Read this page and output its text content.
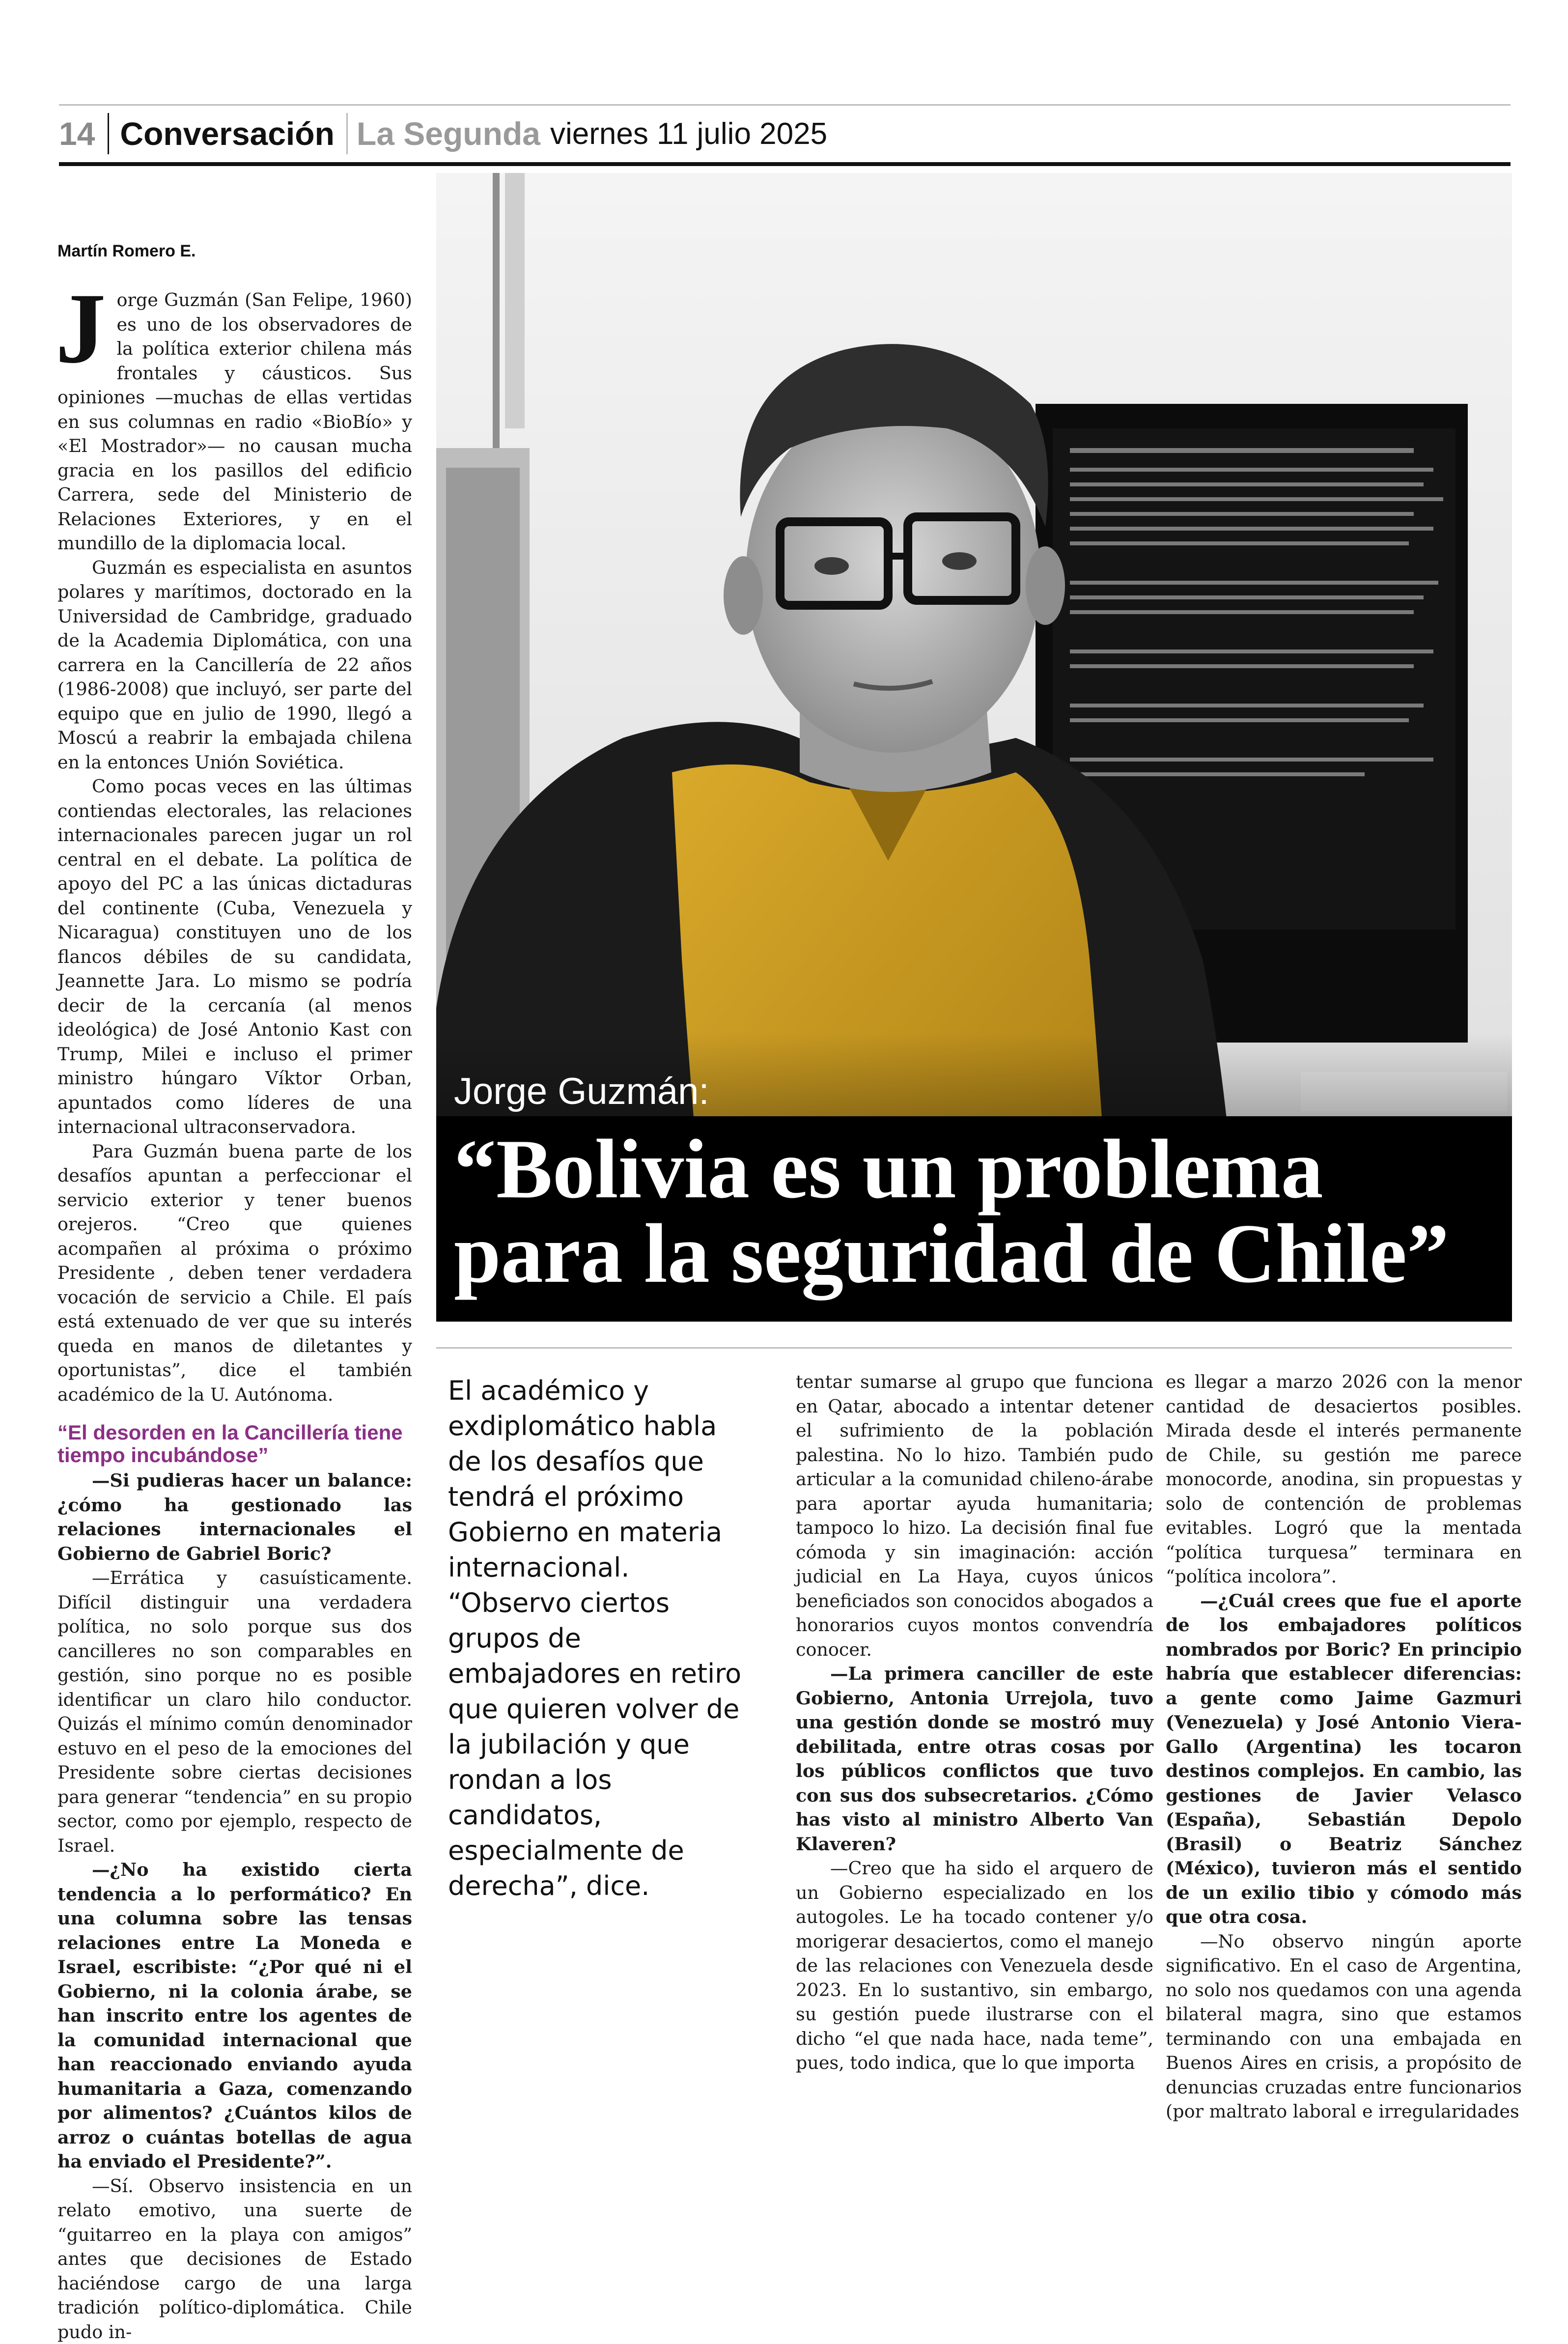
14 Conversación La Segunda viernes 11 julio 2025
Martín Romero E.
J orge Guzmán (San Felipe, 1960) es uno de los observadores de la política exterior chilena más frontales y cáusticos. Sus opiniones —muchas de ellas vertidas en sus columnas en radio «BioBío» y «El Mostrador»— no causan mucha gracia en los pasillos del edificio Carrera, sede del Ministerio de Relaciones Exteriores, y en el mundillo de la diplomacia local.

Guzmán es especialista en asuntos polares y marítimos, doctorado en la Universidad de Cambridge, graduado de la Academia Diplomática, con una carrera en la Cancillería de 22 años (1986-2008) que incluyó, ser parte del equipo que en julio de 1990, llegó a Moscú a reabrir la embajada chilena en la entonces Unión Soviética.

Como pocas veces en las últimas contiendas electorales, las relaciones internacionales parecen jugar un rol central en el debate. La política de apoyo del PC a las únicas dictaduras del continente (Cuba, Venezuela y Nicaragua) constituyen uno de los flancos débiles de su candidata, Jeannette Jara. Lo mismo se podría decir de la cercanía (al menos ideológica) de José Antonio Kast con Trump, Milei e incluso el primer ministro húngaro Víktor Orban, apuntados como líderes de una internacional ultraconservadora.

Para Guzmán buena parte de los desafíos apuntan a perfeccionar el servicio exterior y tener buenos orejeros. “Creo que quienes acompañen al próxima o próximo Presidente , deben tener verdadera vocación de servicio a Chile. El país está extenuado de ver que su interés queda en manos de diletantes y oportunistas”, dice el también académico de la U. Autónoma.

“El desorden en la Cancillería tiene tiempo incubándose”

—Si pudieras hacer un balance: ¿cómo ha gestionado las relaciones internacionales el Gobierno de Gabriel Boric?

—Errática y casuísticamente. Difícil distinguir una verdadera política, no solo porque sus dos cancilleres no son comparables en gestión, sino porque no es posible identificar un claro hilo conductor. Quizás el mínimo común denominador estuvo en el peso de la emociones del Presidente sobre ciertas decisiones para generar “tendencia” en su propio sector, como por ejemplo, respecto de Israel.

—¿No ha existido cierta tendencia a lo performático? En una columna sobre las tensas relaciones entre La Moneda e Israel, escribiste: “¿Por qué ni el Gobierno, ni la colonia árabe, se han inscrito entre los agentes de la comunidad internacional que han reaccionado enviando ayuda humanitaria a Gaza, comenzando por alimentos? ¿Cuántos kilos de arroz o cuántas botellas de agua ha enviado el Presidente?”.

—Sí. Observo insistencia en un relato emotivo, una suerte de “guitarreo en la playa con amigos” antes que decisiones de Estado haciéndose cargo de una larga tradición político-diplomática. Chile pudo in-

Jorge Guzmán:
“Bolivia es un problema
para la seguridad de Chile”
El académico y
exdiplomático habla
de los desafíos que
tendrá el próximo
Gobierno en materia
internacional.
“Observo ciertos
grupos de
embajadores en retiro
que quieren volver de
la jubilación y que
rondan a los
candidatos,
especialmente de
derecha”, dice.

tentar sumarse al grupo que funciona en Qatar, abocado a intentar detener el sufrimiento de la población palestina. No lo hizo. También pudo articular a la comunidad chileno-árabe para aportar ayuda humanitaria; tampoco lo hizo. La decisión final fue cómoda y sin imaginación: acción judicial en La Haya, cuyos únicos beneficiados son conocidos abogados a honorarios cuyos montos convendría conocer.

—La primera canciller de este Gobierno, Antonia Urrejola, tuvo una gestión donde se mostró muy debilitada, entre otras cosas por los públicos conflictos que tuvo con sus dos subsecretarios. ¿Cómo has visto al ministro Alberto Van Klaveren?

—Creo que ha sido el arquero de un Gobierno especializado en los autogoles. Le ha tocado contener y/o morigerar desaciertos, como el manejo de las relaciones con Venezuela desde 2023. En lo sustantivo, sin embargo, su gestión puede ilustrarse con el dicho “el que nada hace, nada teme”, pues, todo indica, que lo que importa

es llegar a marzo 2026 con la menor cantidad de desaciertos posibles. Mirada desde el interés permanente de Chile, su gestión me parece monocorde, anodina, sin propuestas y solo de contención de problemas evitables. Logró que la mentada “política turquesa” terminara en “política incolora”.

—¿Cuál crees que fue el aporte de los embajadores políticos nombrados por Boric? En principio habría que establecer diferencias: a gente como Jaime Gazmuri (Venezuela) y José Antonio Viera-Gallo (Argentina) les tocaron destinos complejos. En cambio, las gestiones de Javier Velasco (España), Sebastián Depolo (Brasil) o Beatriz Sánchez (México), tuvieron más el sentido de un exilio tibio y cómodo más que otra cosa.

—No observo ningún aporte significativo. En el caso de Argentina, no solo nos quedamos con una agenda bilateral magra, sino que estamos terminando con una embajada en Buenos Aires en crisis, a propósito de denuncias cruzadas entre funcionarios (por maltrato laboral e irregularidades
